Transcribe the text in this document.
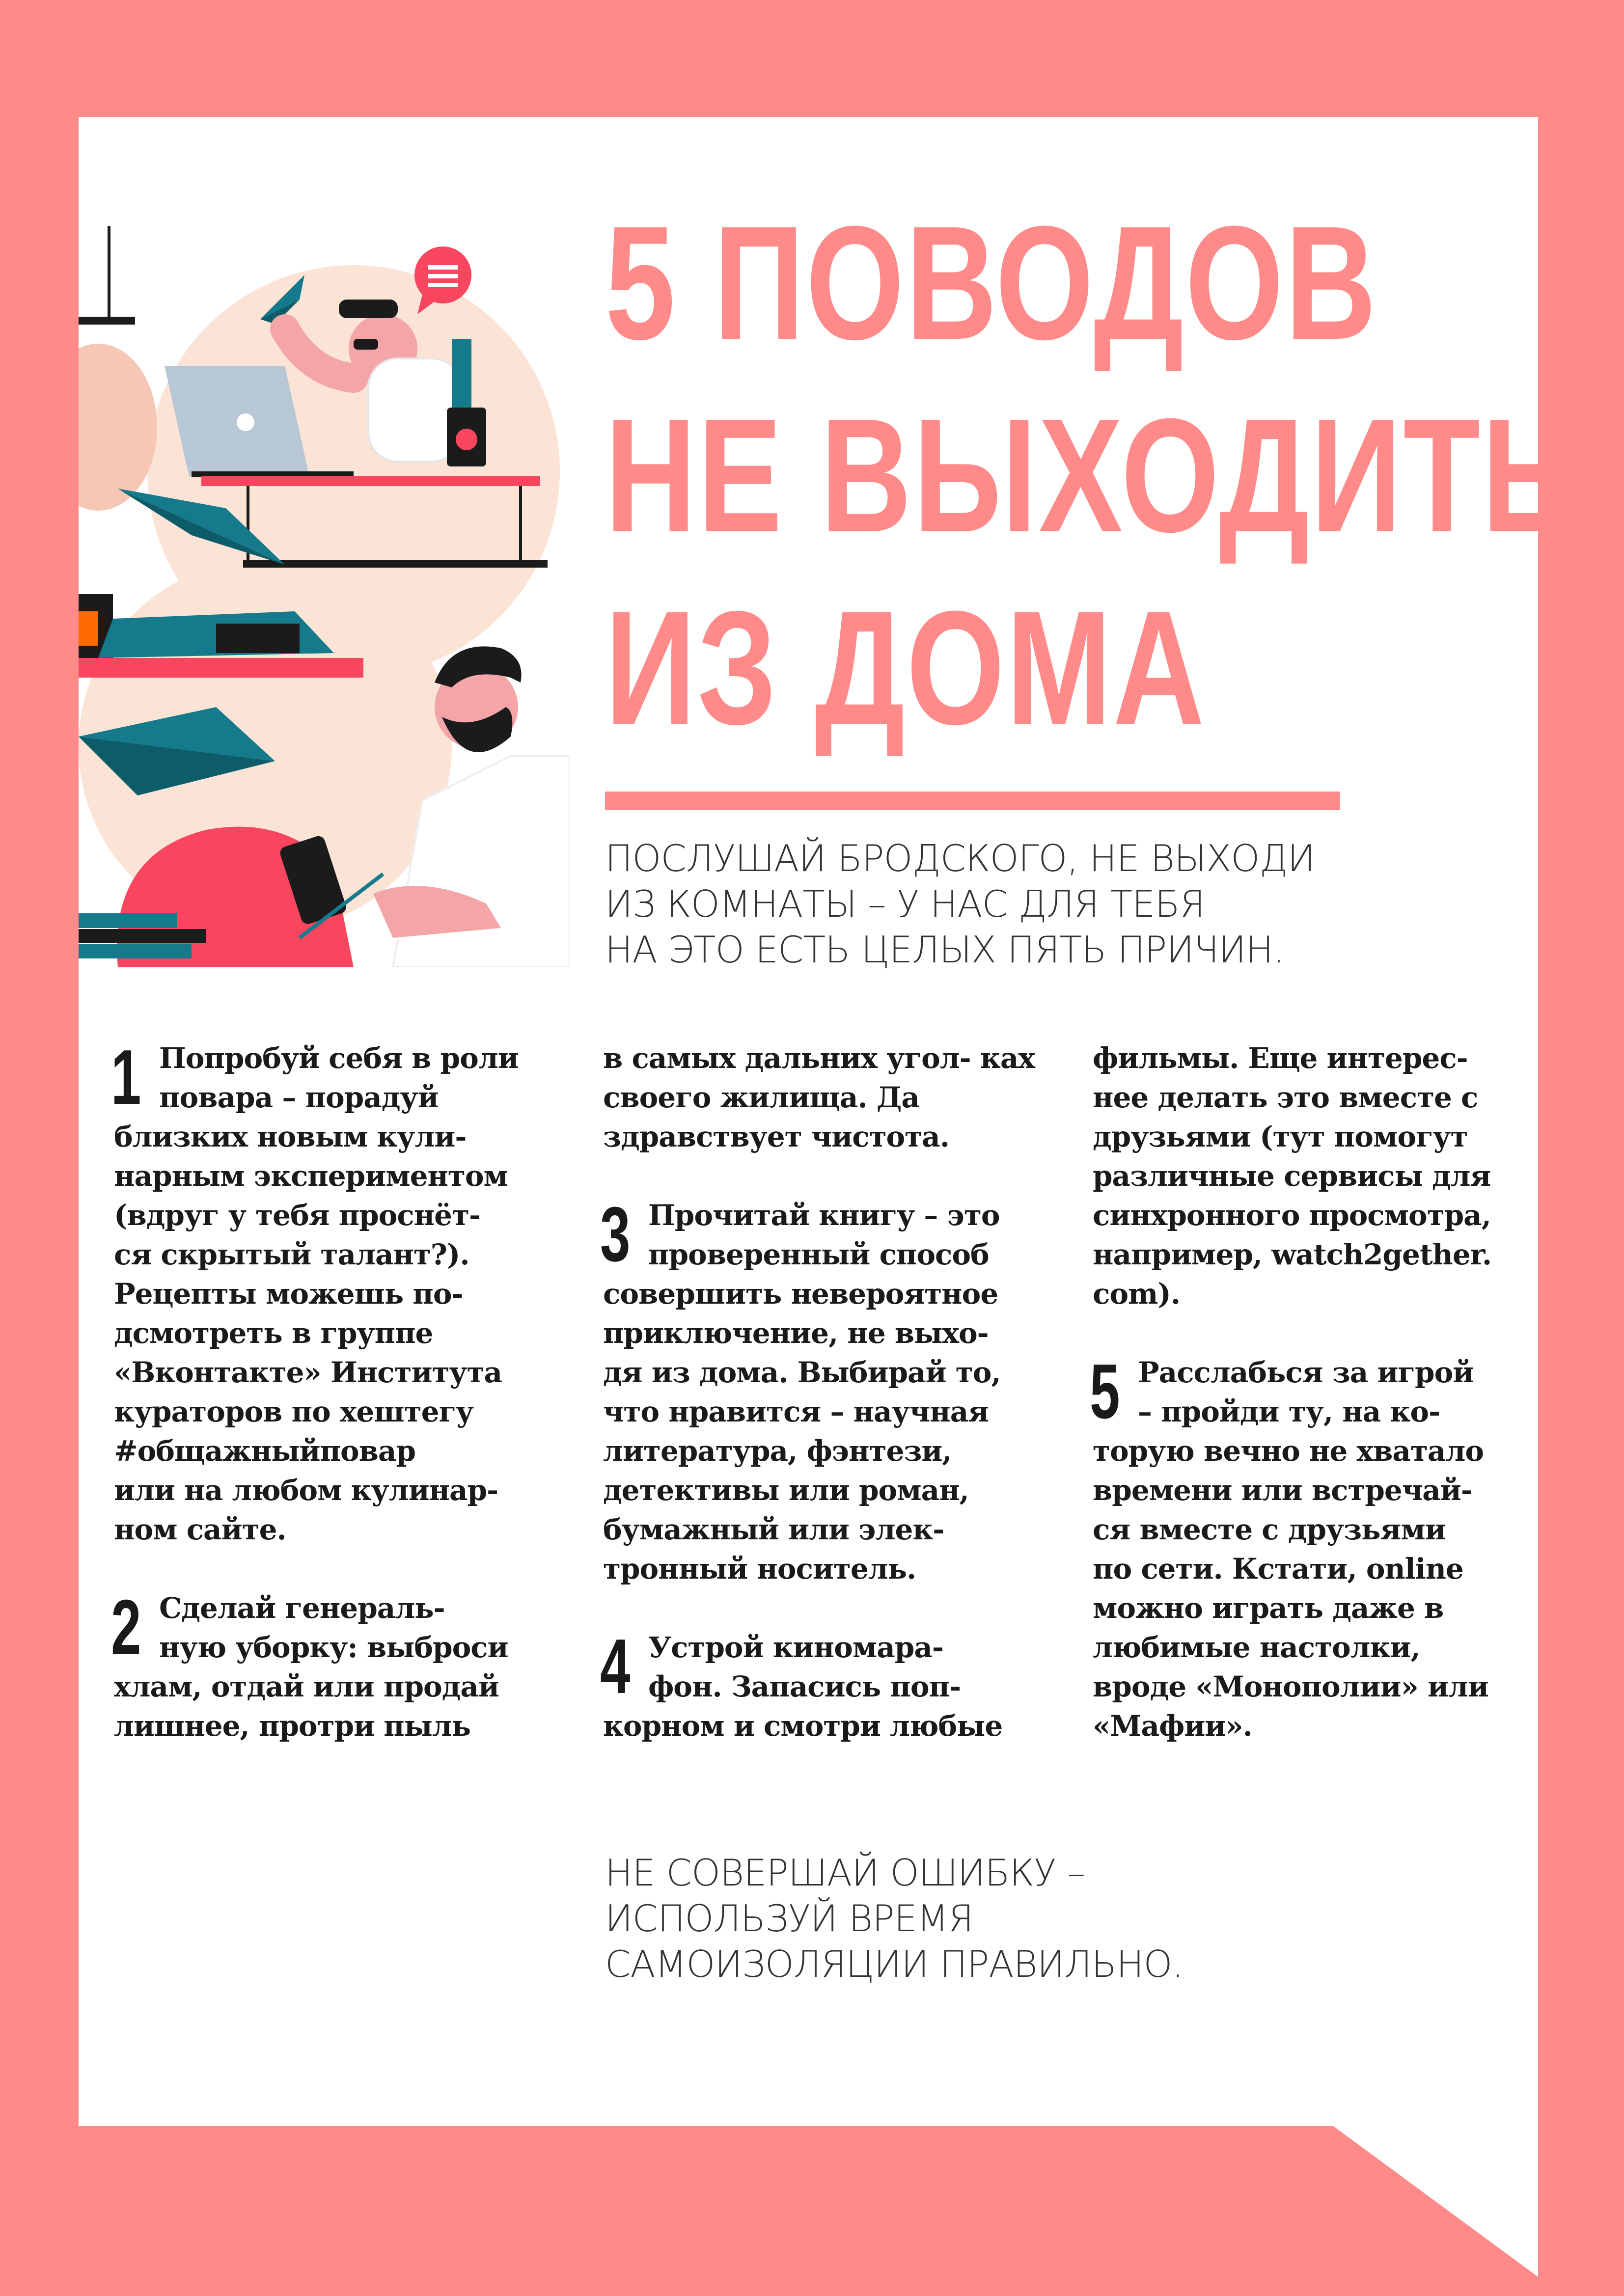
5 ПОВОДОВ
НЕ ВЫХОДИТЬ
ИЗ ДОМА
ПОСЛУШАЙ БРОДСКОГО, НЕ ВЫХОДИ
ИЗ КОМНАТЫ – У НАС ДЛЯ ТЕБЯ
НА ЭТО ЕСТЬ ЦЕЛЫХ ПЯТЬ ПРИЧИН.
1 Попробуй себя в роли
повара – порадуй
близких новым кули-
нарным экспериментом
(вдруг у тебя проснёт-
ся скрытый талант?).
Рецепты можешь по-
дсмотреть в группе
«Вконтакте» Института
кураторов по хештегу
#общажныйповар
или на любом кулинар-
ном сайте.
2 Сделай генераль-
ную уборку: выброси
хлам, отдай или продай
лишнее, протри пыль
в самых дальних угол- ках своего жилища. Да здравствует чистота.
3 Прочитай книгу – это
проверенный способ
совершить невероятное
приключение, не выхо-
дя из дома. Выбирай то,
что нравится – научная
литература, фэнтези,
детективы или роман,
бумажный или элек-
тронный носитель.
4 Устрой киномара-
фон. Запасись поп-
корном и смотри любые
фильмы. Еще интерес- нее делать это вместе с друзьями (тут помогут различные сервисы для синхронного просмотра, например, watch2gether. com).
5 Расслабься за игрой
– пройди ту, на ко-
торую вечно не хватало
времени или встречай-
ся вместе с друзьями
по сети. Кстати, online
можно играть даже в
любимые настолки,
вроде «Монополии» или
«Мафии».
НЕ СОВЕРШАЙ ОШИБКУ –
ИСПОЛЬЗУЙ ВРЕМЯ
САМОИЗОЛЯЦИИ ПРАВИЛЬНО.
